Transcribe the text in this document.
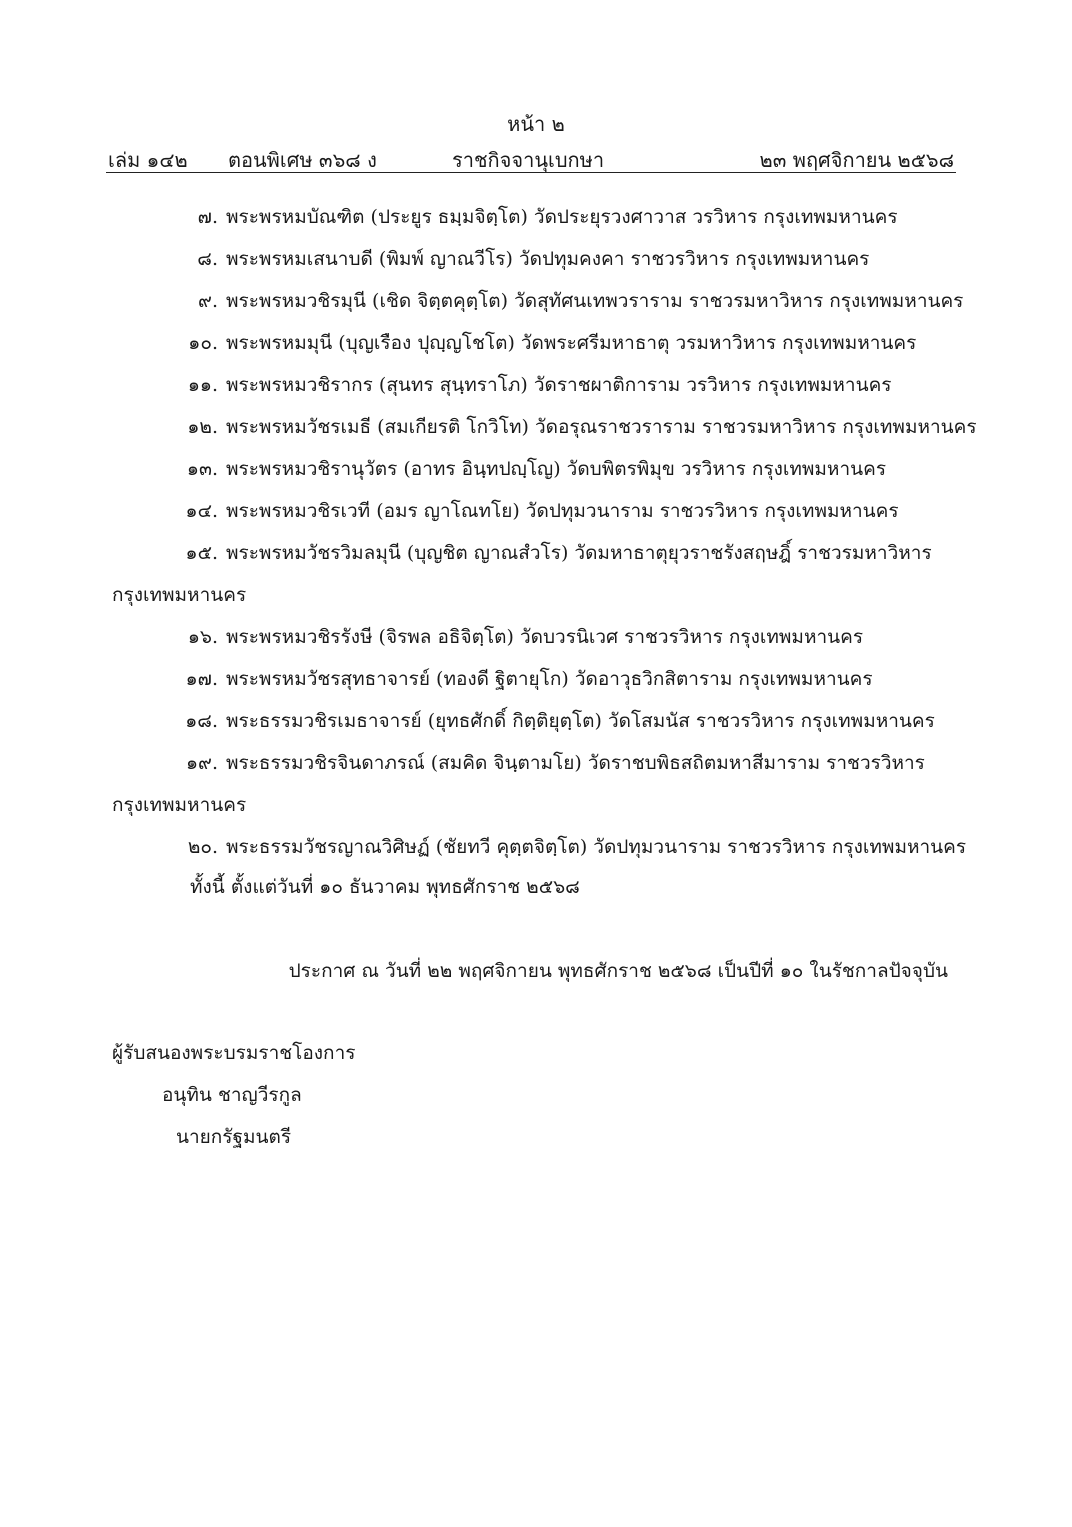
หน้า ๒
เล่ม ๑๔๒ ตอนพิเศษ ๓๖๘ ง	ราชกิจจานุเบกษา	๒๓ พฤศจิกายน ๒๕๖๘
๗. พระพรหมบัณฑิต (ประยูร ธมฺมจิตฺโต) วัดประยุรวงศาวาส วรวิหาร กรุงเทพมหานคร
๘. พระพรหมเสนาบดี (พิมพ์ ญาณวีโร) วัดปทุมคงคา ราชวรวิหาร กรุงเทพมหานคร
๙. พระพรหมวชิรมุนี (เชิด จิตฺตคุตฺโต) วัดสุทัศนเทพวราราม ราชวรมหาวิหาร กรุงเทพมหานคร
๑๐. พระพรหมมุนี (บุญเรือง ปุญฺญโชโต) วัดพระศรีมหาธาตุ วรมหาวิหาร กรุงเทพมหานคร
๑๑. พระพรหมวชิรากร (สุนทร สุนฺทราโภ) วัดราชผาติการาม วรวิหาร กรุงเทพมหานคร
๑๒. พระพรหมวัชรเมธี (สมเกียรติ โกวิโท) วัดอรุณราชวราราม ราชวรมหาวิหาร กรุงเทพมหานคร
๑๓. พระพรหมวชิรานุวัตร (อาทร อินฺทปญฺโญ) วัดบพิตรพิมุข วรวิหาร กรุงเทพมหานคร
๑๔. พระพรหมวชิรเวที (อมร ญาโณทโย) วัดปทุมวนาราม ราชวรวิหาร กรุงเทพมหานคร
๑๕. พระพรหมวัชรวิมลมุนี (บุญชิต ญาณสํวโร) วัดมหาธาตุยุวราชรังสฤษฎิ์ ราชวรมหาวิหาร
กรุงเทพมหานคร
๑๖. พระพรหมวชิรรังษี (จิรพล อธิจิตฺโต) วัดบวรนิเวศ ราชวรวิหาร กรุงเทพมหานคร
๑๗. พระพรหมวัชรสุทธาจารย์ (ทองดี ฐิตายุโก) วัดอาวุธวิกสิตาราม กรุงเทพมหานคร
๑๘. พระธรรมวชิรเมธาจารย์ (ยุทธศักดิ์ กิตฺติยุตฺโต) วัดโสมนัส ราชวรวิหาร กรุงเทพมหานคร
๑๙. พระธรรมวชิรจินดาภรณ์ (สมคิด จินฺตามโย) วัดราชบพิธสถิตมหาสีมาราม ราชวรวิหาร
กรุงเทพมหานคร
๒๐. พระธรรมวัชรญาณวิศิษฏ์ (ชัยทวี คุตฺตจิตฺโต) วัดปทุมวนาราม ราชวรวิหาร กรุงเทพมหานคร
ทั้งนี้ ตั้งแต่วันที่ ๑๐ ธันวาคม พุทธศักราช ๒๕๖๘
ประกาศ ณ วันที่ ๒๒ พฤศจิกายน พุทธศักราช ๒๕๖๘ เป็นปีที่ ๑๐ ในรัชกาลปัจจุบัน
ผู้รับสนองพระบรมราชโองการ
อนุทิน ชาญวีรกูล
นายกรัฐมนตรี
